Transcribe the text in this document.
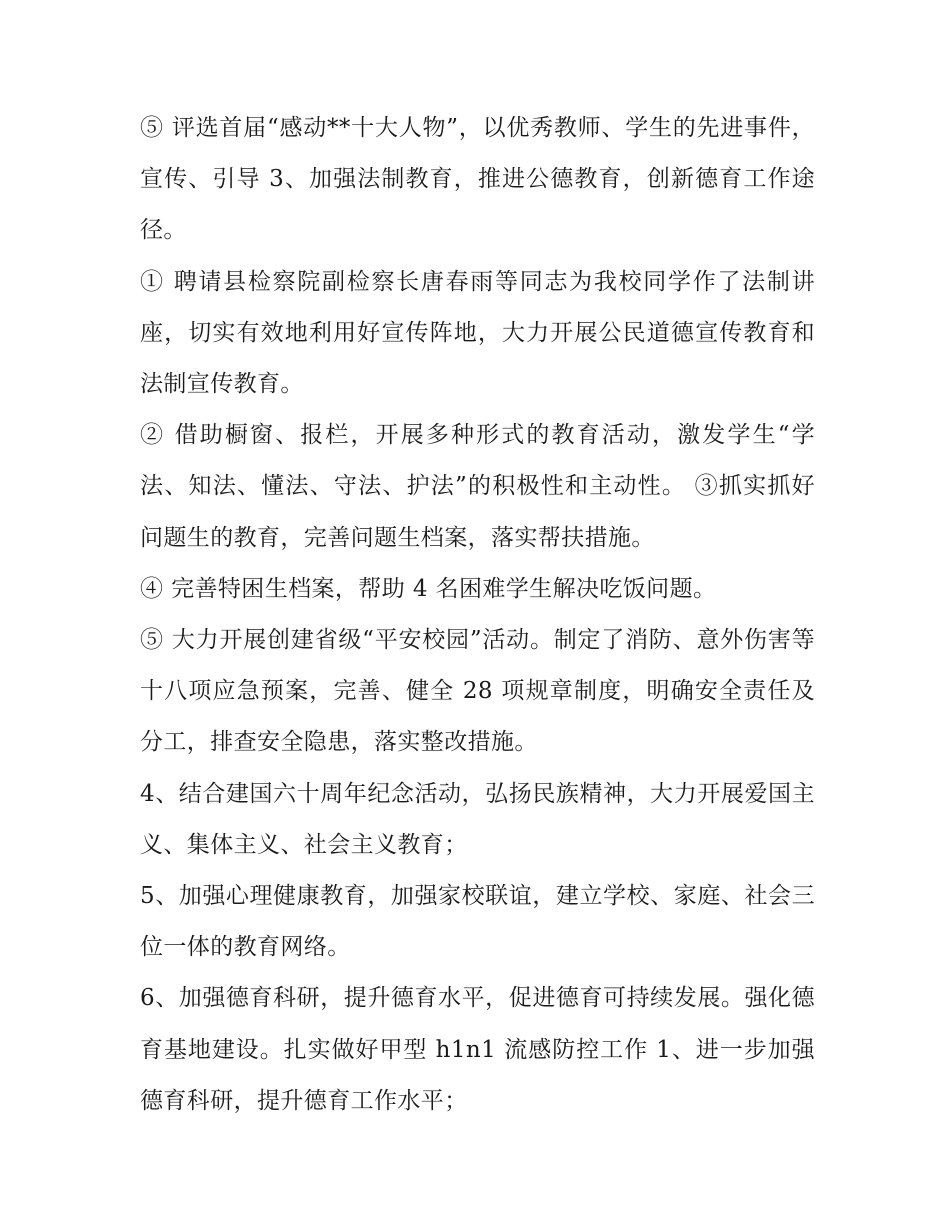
⑤ 评选首届“感动**十大人物”，以优秀教师、学生的先进事件，宣传、引导 3、加强法制教育，推进公德教育，创新德育工作途径。

① 聘请县检察院副检察长唐春雨等同志为我校同学作了法制讲座，切实有效地利用好宣传阵地，大力开展公民道德宣传教育和法制宣传教育。

② 借助橱窗、报栏，开展多种形式的教育活动，激发学生“学法、知法、懂法、守法、护法”的积极性和主动性。 ③抓实抓好问题生的教育，完善问题生档案，落实帮扶措施。

④ 完善特困生档案，帮助 4 名困难学生解决吃饭问题。

⑤ 大力开展创建省级“平安校园”活动。制定了消防、意外伤害等十八项应急预案，完善、健全 28 项规章制度，明确安全责任及分工，排查安全隐患，落实整改措施。

4、结合建国六十周年纪念活动，弘扬民族精神，大力开展爱国主义、集体主义、社会主义教育；

5、加强心理健康教育，加强家校联谊，建立学校、家庭、社会三位一体的教育网络。

6、加强德育科研，提升德育水平，促进德育可持续发展。强化德育基地建设。扎实做好甲型 h1n1 流感防控工作 1、进一步加强德育科研，提升德育工作水平；
